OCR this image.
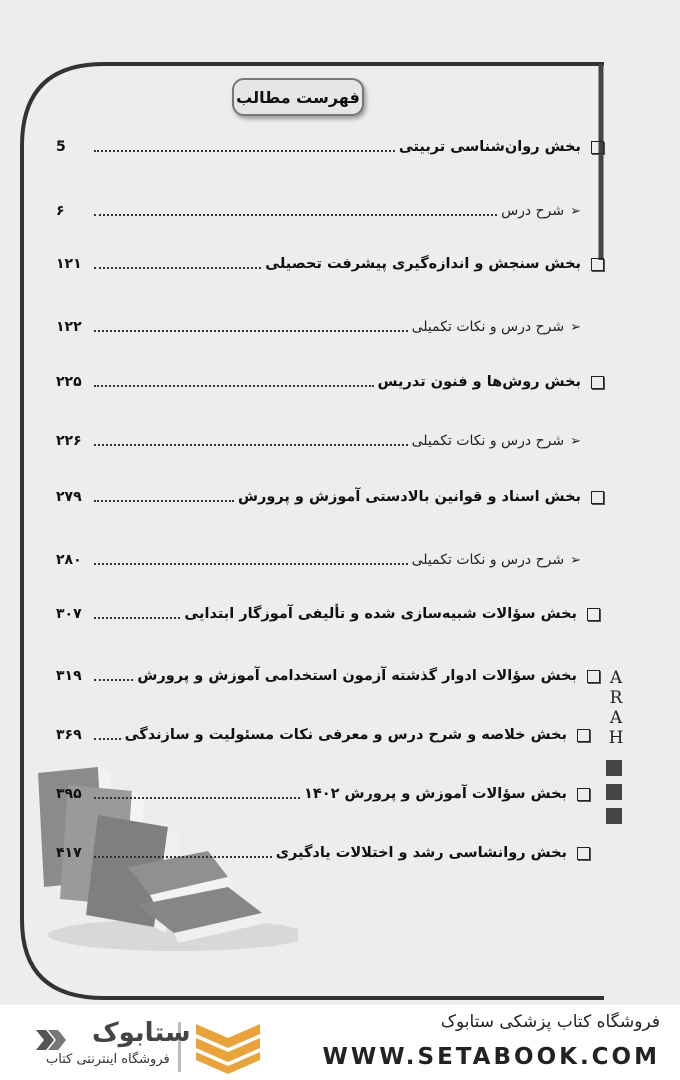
فهرست مطالب
بخش روان‌شناسی تربیتی
5
➢
شرح درس
۶
بخش سنجش و اندازه‌گیری پیشرفت تحصیلی
۱۲۱
➢
شرح درس و نکات تکمیلی
۱۲۲
بخش روش‌ها و فنون تدریس
۲۲۵
➢
شرح درس و نکات تکمیلی
۲۲۶
بخش اسناد و قوانین بالادستی آموزش و پرورش
۲۷۹
➢
شرح درس و نکات تکمیلی
۲۸۰
بخش سؤالات شبیه‌سازی شده و تألیفی آموزگار ابتدایی
۳۰۷
بخش سؤالات ادوار گذشته آزمون استخدامی آموزش و پرورش
۳۱۹
بخش خلاصه و شرح درس و معرفی نکات مسئولیت و سازندگی
۳۶۹
بخش سؤالات آموزش و پرورش ۱۴۰۲
۳۹۵
بخش روانشاسی رشد و اختلالات یادگیری
۴۱۷
A
R
A
H
ستابوک
فروشگاه اینترنتی کتاب
فروشگاه کتاب پزشکی ستابوک
WWW.SETABOOK.COM
